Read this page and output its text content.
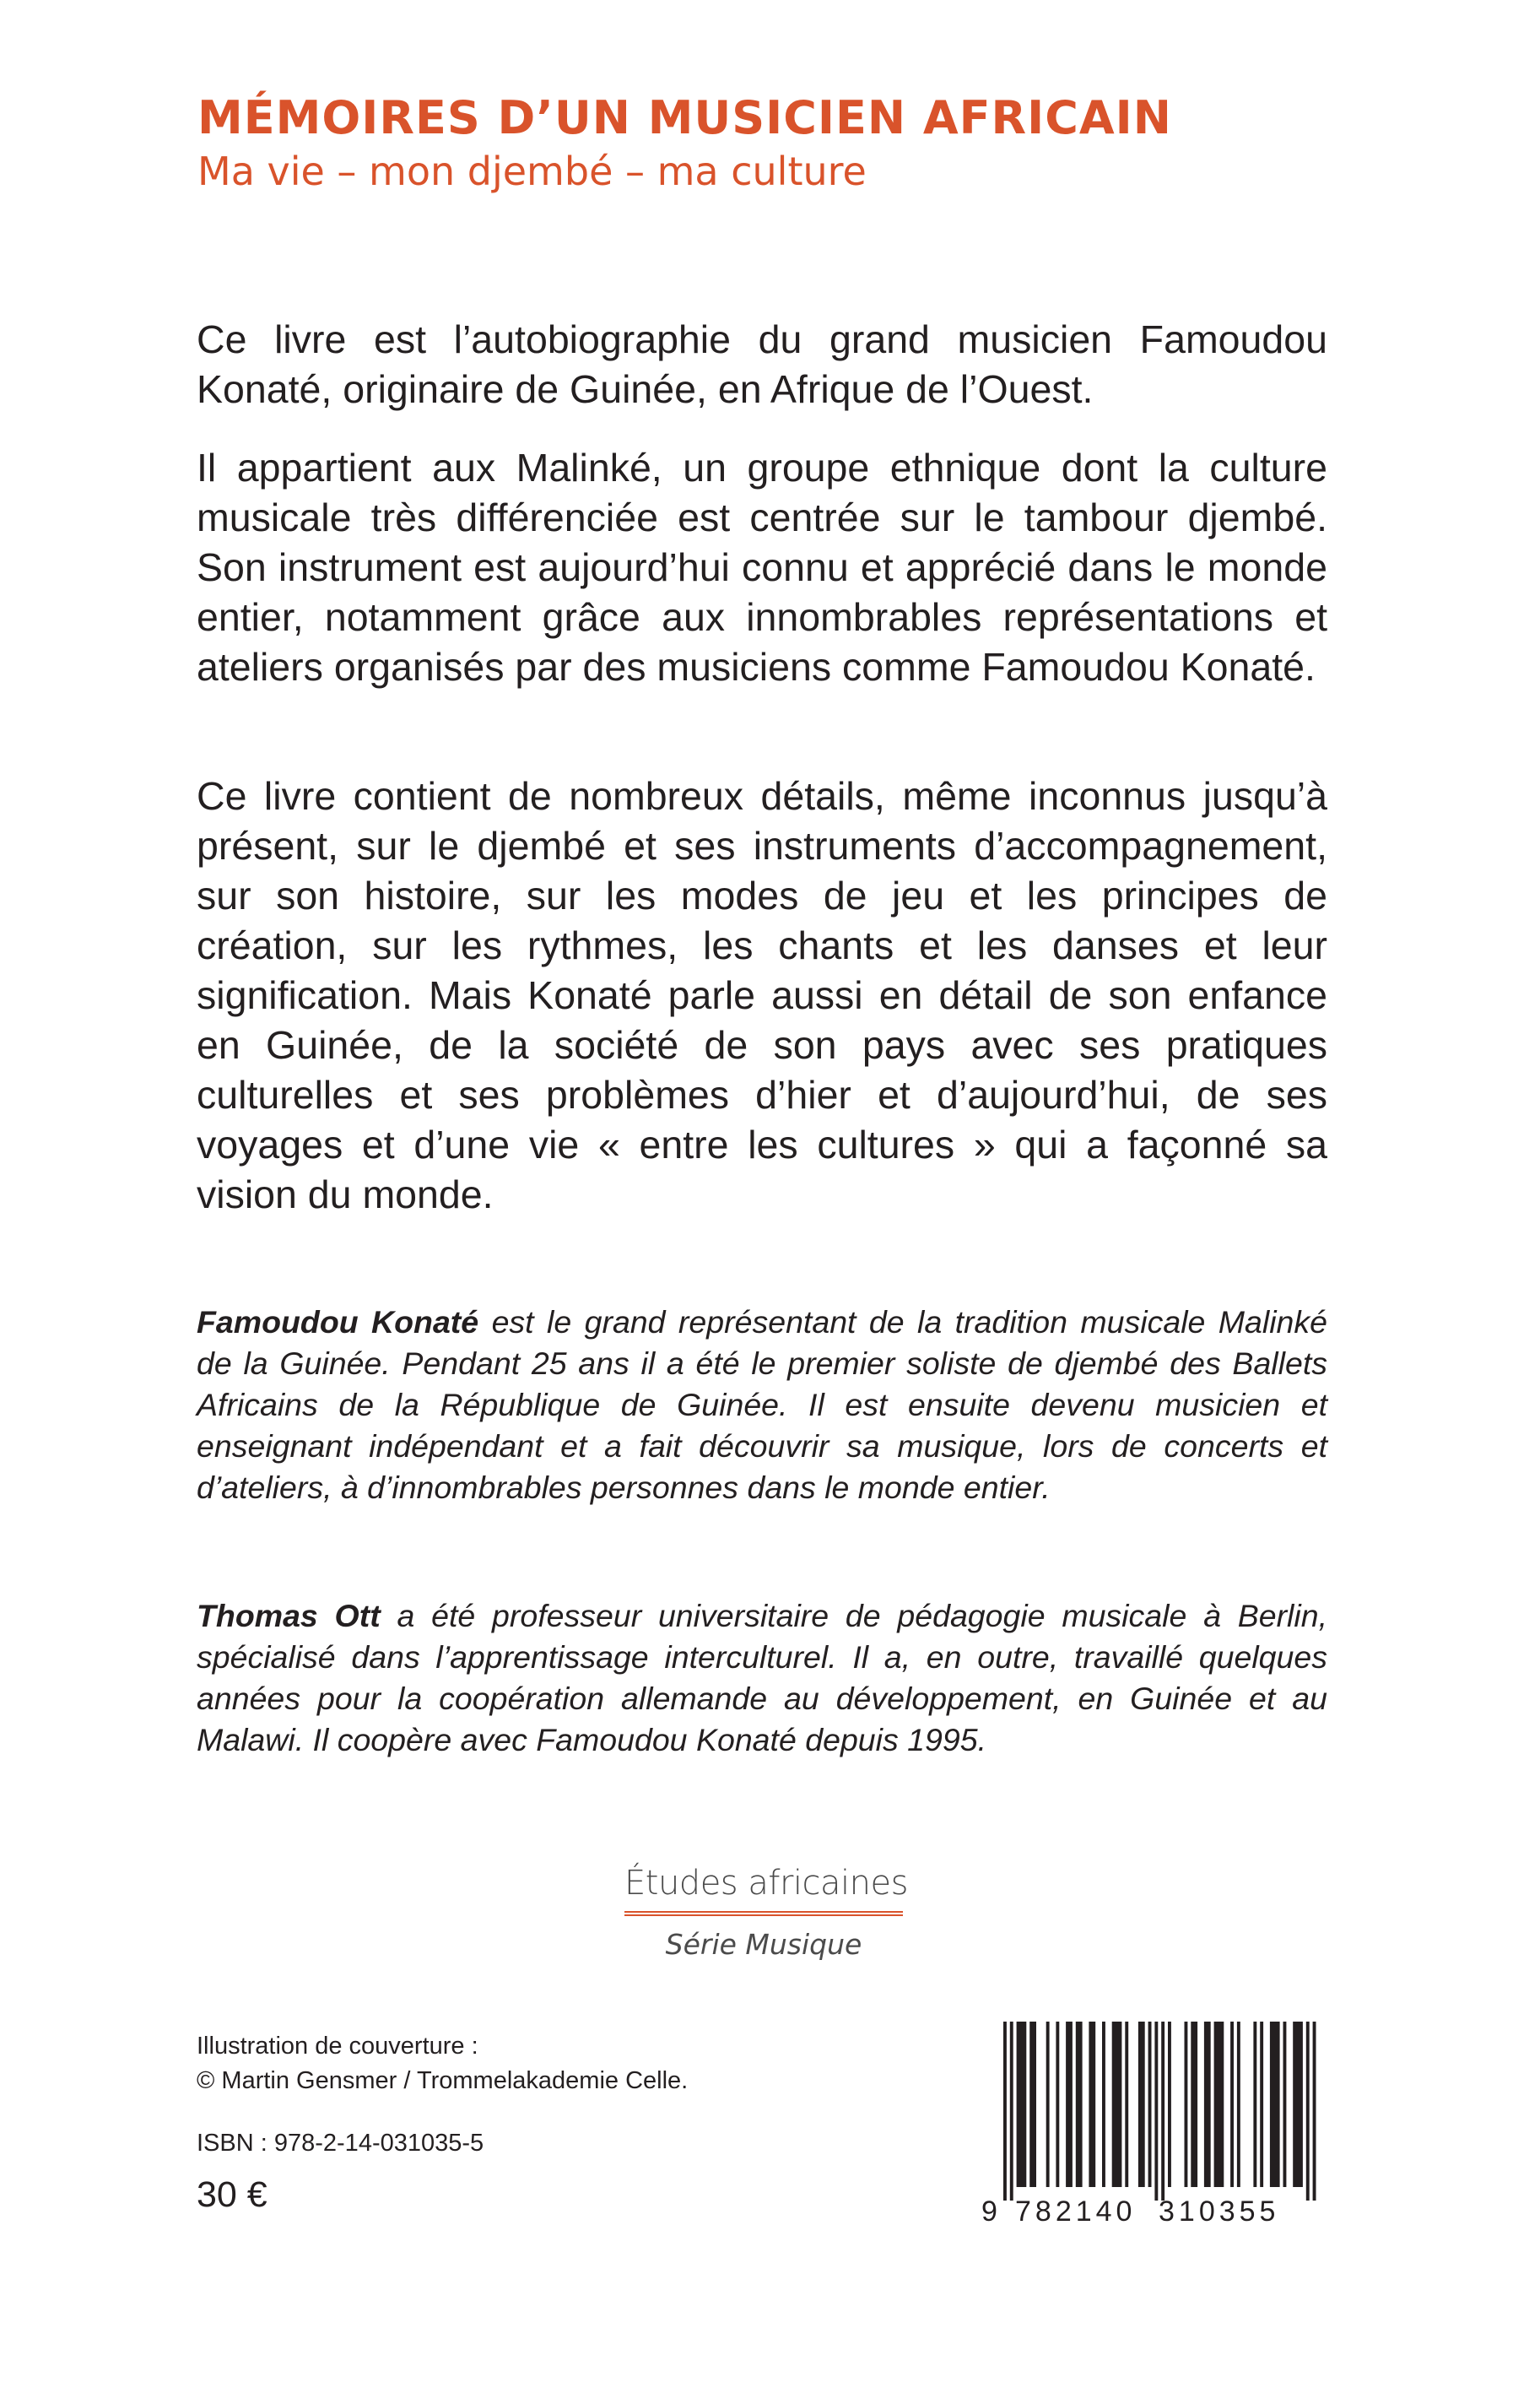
MÉMOIRES D’UN MUSICIEN AFRICAIN
Ma vie – mon djembé – ma culture

Ce livre est l’autobiographie du grand musicien Famoudou Konaté, originaire de Guinée, en Afrique de l’Ouest.

Il appartient aux Malinké, un groupe ethnique dont la culture musicale très différenciée est centrée sur le tambour djembé. Son instrument est aujourd’hui connu et apprécié dans le monde entier, notamment grâce aux innombrables représentations et ateliers organisés par des musiciens comme Famoudou Konaté.

Ce livre contient de nombreux détails, même inconnus jusqu’à présent, sur le djembé et ses instruments d’accompagnement, sur son histoire, sur les modes de jeu et les principes de création, sur les rythmes, les chants et les danses et leur signification. Mais Konaté parle aussi en détail de son enfance en Guinée, de la société de son pays avec ses pratiques culturelles et ses problèmes d’hier et d’aujourd’hui, de ses voyages et d’une vie « entre les cultures » qui a façonné sa vision du monde.

Famoudou Konaté est le grand représentant de la tradition musicale Malinké de la Guinée. Pendant 25 ans il a été le premier soliste de djembé des Ballets Africains de la République de Guinée. Il est ensuite devenu musicien et enseignant indépendant et a fait découvrir sa musique, lors de concerts et d’ateliers, à d’innombrables personnes dans le monde entier.

Thomas Ott a été professeur universitaire de pédagogie musicale à Berlin, spécialisé dans l’apprentissage interculturel. Il a, en outre, travaillé quelques années pour la coopération allemande au développement, en Guinée et au Malawi. Il coopère avec Famoudou Konaté depuis 1995.

Études africaines
Série Musique
Illustration de couverture :
© Martin Gensmer / Trommelakademie Celle.
ISBN : 978-2-14-031035-5
30 €	9 782140 310355
